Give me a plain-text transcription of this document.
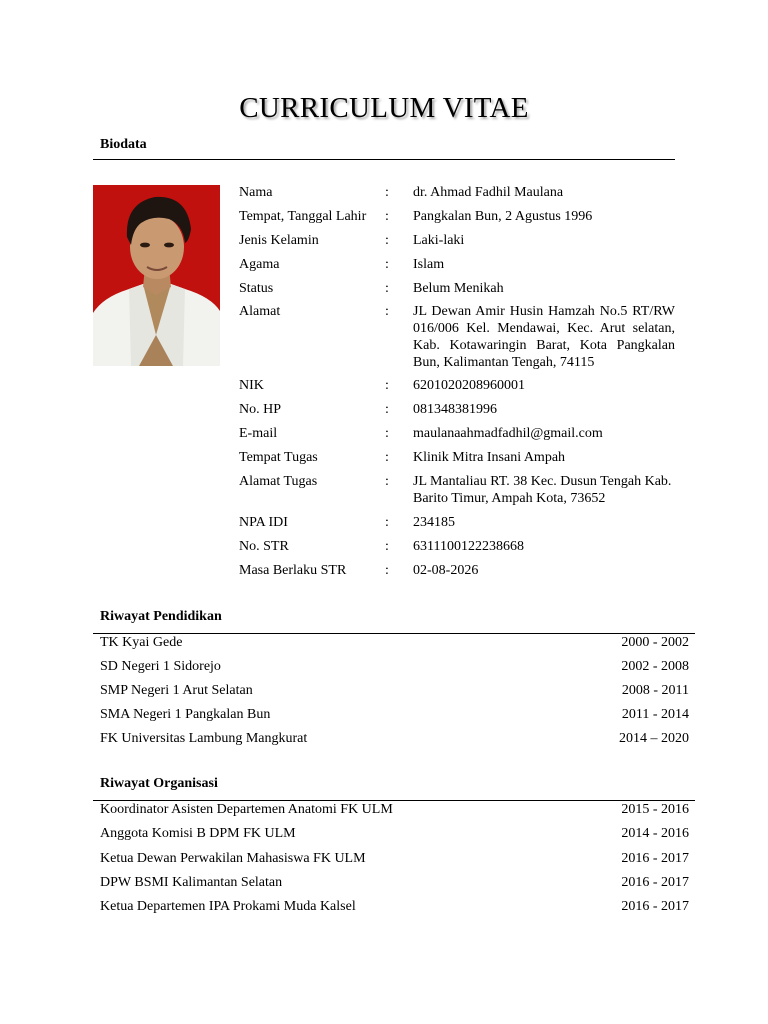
CURRICULUM VITAE
Biodata
Nama	:	dr. Ahmad Fadhil Maulana
Tempat, Tanggal Lahir	:	Pangkalan Bun, 2 Agustus 1996
Jenis Kelamin	:	Laki-laki
Agama	:	Islam
Status	:	Belum Menikah
Alamat	:	JL Dewan Amir Husin Hamzah No.5 RT/RW 016/006 Kel. Mendawai, Kec. Arut selatan, Kab. Kotawaringin Barat, Kota Pangkalan Bun, Kalimantan Tengah, 74115
NIK	:	6201020208960001
No. HP	:	081348381996
E-mail	:	maulanaahmadfadhil@gmail.com
Tempat Tugas	:	Klinik Mitra Insani Ampah
Alamat Tugas	:	JL Mantaliau RT. 38 Kec. Dusun Tengah Kab. Barito Timur, Ampah Kota, 73652
NPA IDI	:	234185
No. STR	:	6311100122238668
Masa Berlaku STR	:	02-08-2026
Riwayat Pendidikan
TK Kyai Gede	2000 - 2002
SD Negeri 1 Sidorejo	2002 - 2008
SMP Negeri 1 Arut Selatan	2008 - 2011
SMA Negeri 1 Pangkalan Bun	2011 - 2014
FK Universitas Lambung Mangkurat	2014 – 2020
Riwayat Organisasi
Koordinator Asisten Departemen Anatomi FK ULM	2015 - 2016
Anggota Komisi B DPM FK ULM	2014 - 2016
Ketua Dewan Perwakilan Mahasiswa FK ULM	2016 - 2017
DPW BSMI Kalimantan Selatan	2016 - 2017
Ketua Departemen IPA Prokami Muda Kalsel	2016 - 2017
